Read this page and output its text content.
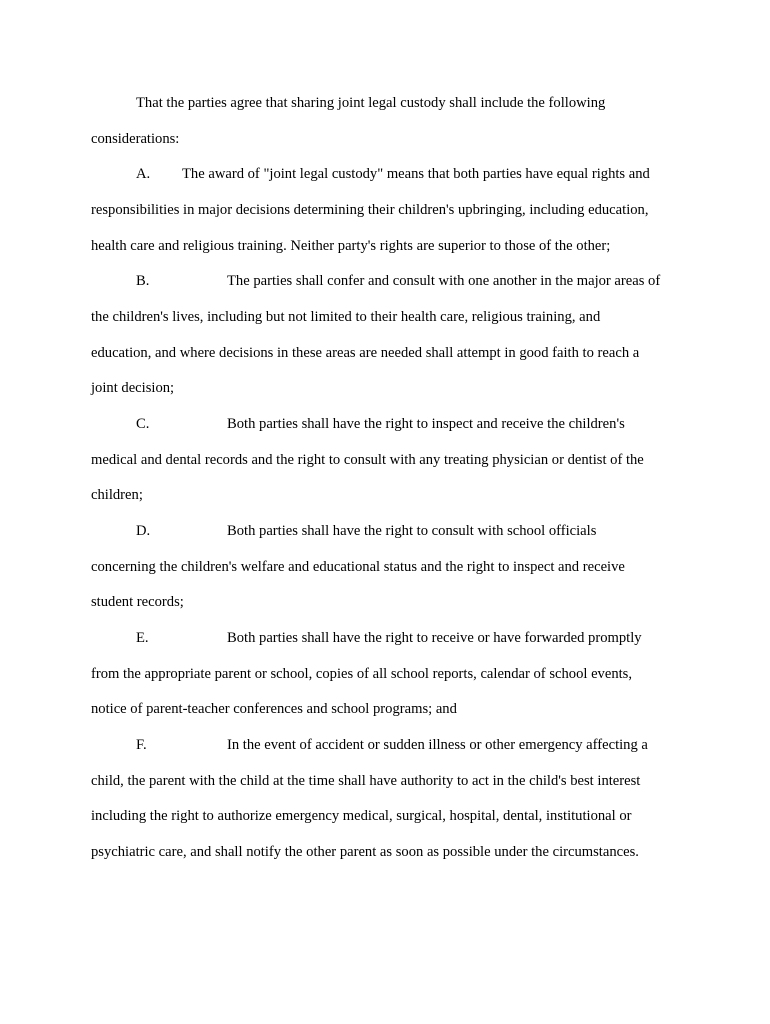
That the parties agree that sharing joint legal custody shall include the following

considerations:

A. The award of "joint legal custody" means that both parties have equal rights and

responsibilities in major decisions determining their children's upbringing, including education,

health care and religious training. Neither party's rights are superior to those of the other;

B.	The parties shall confer and consult with one another in the major areas of

the children's lives, including but not limited to their health care, religious training, and

education, and where decisions in these areas are needed shall attempt in good faith to reach a

joint decision;

C.	Both parties shall have the right to inspect and receive the children's

medical and dental records and the right to consult with any treating physician or dentist of the

children;

D.	Both parties shall have the right to consult with school officials

concerning the children's welfare and educational status and the right to inspect and receive

student records;

E.	Both parties shall have the right to receive or have forwarded promptly

from the appropriate parent or school, copies of all school reports, calendar of school events,

notice of parent-teacher conferences and school programs; and

F.	In the event of accident or sudden illness or other emergency affecting a

child, the parent with the child at the time shall have authority to act in the child's best interest

including the right to authorize emergency medical, surgical, hospital, dental, institutional or

psychiatric care, and shall notify the other parent as soon as possible under the circumstances.
